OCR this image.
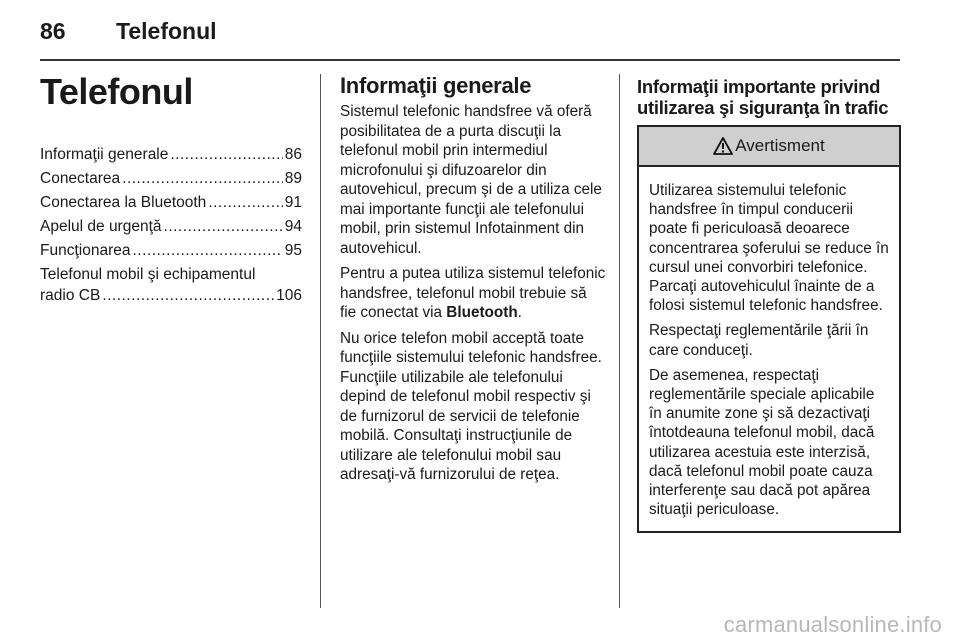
86 Telefonul
Telefonul
Informaţii generale .....	86
Conectarea .....	89
Conectarea la Bluetooth .....	91
Apelul de urgenţă .....	94
Funcţionarea .....	95
Telefonul mobil şi echipamentul
radio CB .....	106
Informaţii generale

Sistemul telefonic handsfree vă oferă posibilitatea de a purta discuţii la telefonul mobil prin intermediul microfonului şi difuzoarelor din autovehicul, precum şi de a utiliza cele mai importante funcţii ale telefonului mobil, prin sistemul Infotainment din autovehicul.

Pentru a putea utiliza sistemul telefonic handsfree, telefonul mobil trebuie să fie conectat via Bluetooth.

Nu orice telefon mobil acceptă toate funcţiile sistemului telefonic handsfree. Funcţiile utilizabile ale telefonului depind de telefonul mobil respectiv şi de furnizorul de servicii de telefonie mobilă. Consultaţi instrucţiunile de utilizare ale telefonului mobil sau adresaţi-vă furnizorului de reţea.

Informaţii importante privind
utilizarea şi siguranţa în trafic
Avertisment

Utilizarea sistemului telefonic handsfree în timpul conducerii poate fi periculoasă deoarece concentrarea şoferului se reduce în cursul unei convorbiri telefonice. Parcaţi autovehiculul înainte de a folosi sistemul telefonic handsfree.

Respectaţi reglementările ţării în care conduceţi.

De asemenea, respectaţi reglementările speciale aplicabile în anumite zone şi să dezactivaţi întotdeauna telefonul mobil, dacă utilizarea acestuia este interzisă, dacă telefonul mobil poate cauza interferenţe sau dacă pot apărea situaţii periculoase.

carmanualsonline.info
